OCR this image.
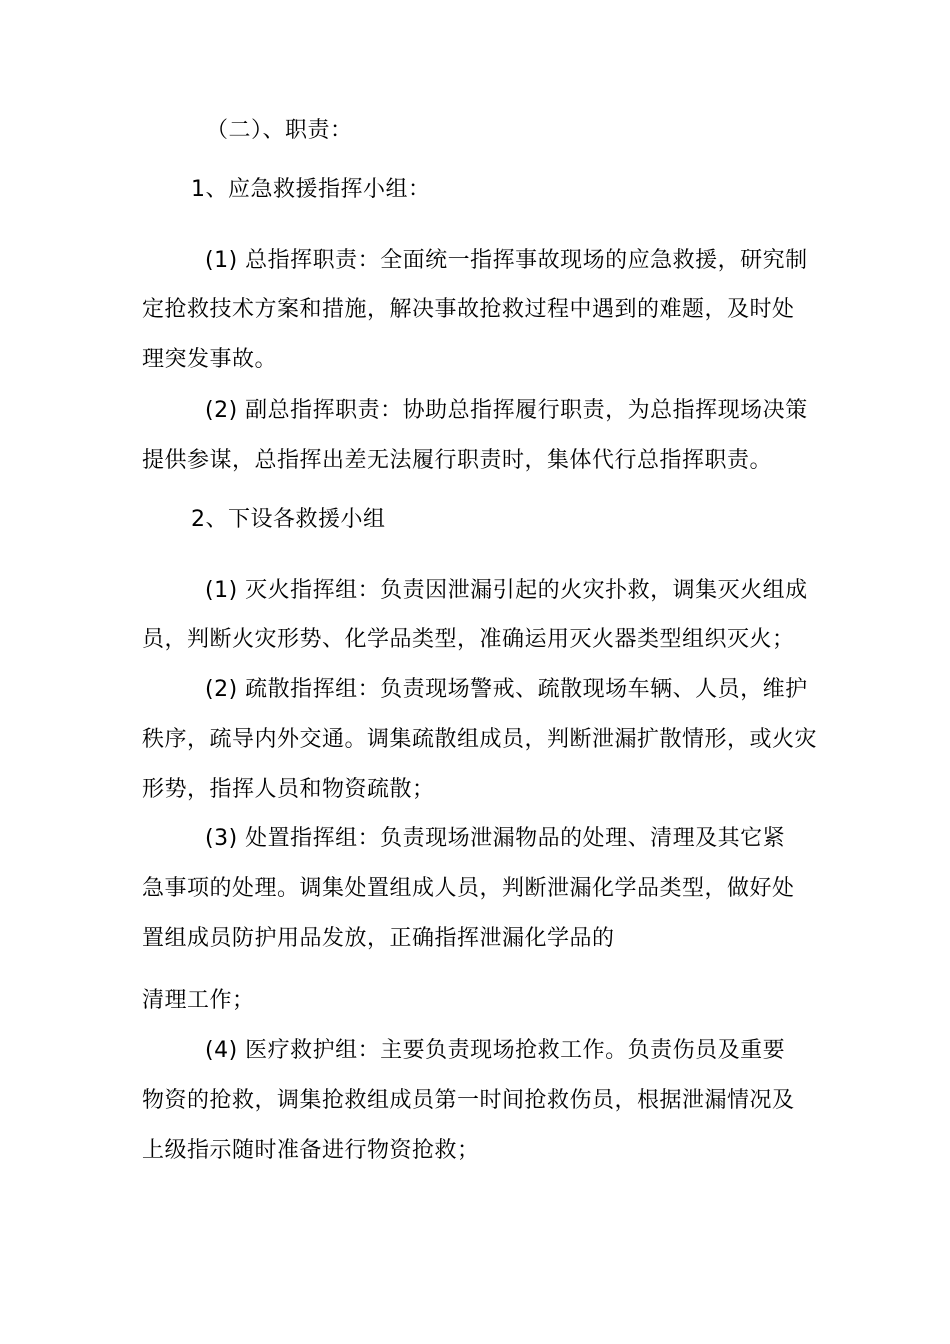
（二）、职责：
1、应急救援指挥小组：
(1) 总指挥职责：全面统一指挥事故现场的应急救援，研究制
定抢救技术方案和措施，解决事故抢救过程中遇到的难题，及时处
理突发事故。
(2) 副总指挥职责：协助总指挥履行职责，为总指挥现场决策
提供参谋，总指挥出差无法履行职责时，集体代行总指挥职责。
2、下设各救援小组
(1) 灭火指挥组：负责因泄漏引起的火灾扑救，调集灭火组成
员，判断火灾形势、化学品类型，准确运用灭火器类型组织灭火；
(2) 疏散指挥组：负责现场警戒、疏散现场车辆、人员，维护
秩序，疏导内外交通。调集疏散组成员，判断泄漏扩散情形，或火灾
形势，指挥人员和物资疏散；
(3) 处置指挥组：负责现场泄漏物品的处理、清理及其它紧
急事项的处理。调集处置组成人员，判断泄漏化学品类型，做好处
置组成员防护用品发放，正确指挥泄漏化学品的
清理工作；
(4) 医疗救护组：主要负责现场抢救工作。负责伤员及重要
物资的抢救，调集抢救组成员第一时间抢救伤员，根据泄漏情况及
上级指示随时准备进行物资抢救；
